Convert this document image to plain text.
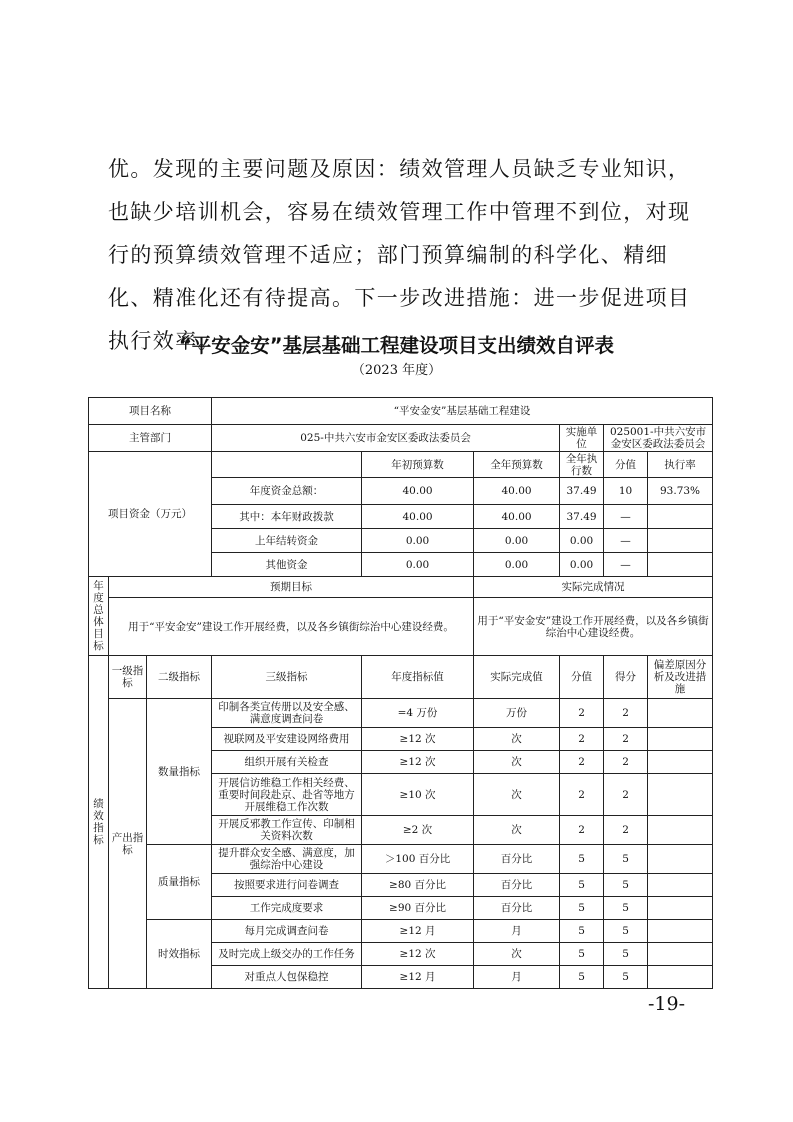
优。发现的主要问题及原因：绩效管理人员缺乏专业知识，也缺少培训机会，容易在绩效管理工作中管理不到位，对现行的预算绩效管理不适应；部门预算编制的科学化、精细化、精准化还有待提高。下一步改进措施：进一步促进项目执行效率。

“平安金安”基层基础工程建设项目支出绩效自评表

（2023 年度）

项目名称			“平安金安”基层基础工程建设						
主管部门			025-中共六安市金安区委政法委员会			实施单位	025001-中共六安市金安区委政法委员会		
项目资金（万元）				年初预算数	全年预算数	全年执行数	分值	执行率	
			年度资金总额：	40.00	40.00	37.49	10	93.73%	
			其中：本年财政拨款	40.00	40.00	37.49	—		
			上年结转资金	0.00	0.00	0.00	—		
			其他资金	0.00	0.00	0.00	—		

年度总体目标	预期目标				实际完成情况				
	用于“平安金安”建设工作开展经费，以及各乡镇街综治中心建设经费。				用于“平安金安”建设工作开展经费，以及各乡镇街综治中心建设经费。				

绩效指标	一级指标	二级指标	三级指标	年度指标值	实际完成值	分值	得分	偏差原因分析及改进措施	
	产出指标	数量指标	印制各类宣传册以及安全感、满意度调查问卷	=4 万份	万份	2	2		
			视联网及平安建设网络费用	≥12 次	次	2	2		
			组织开展有关检查	≥12 次	次	2	2		
			开展信访维稳工作相关经费、重要时间段赴京、赴省等地方开展维稳工作次数	≥10 次	次	2	2		
			开展反邪教工作宣传、印制相关资料次数	≥2 次	次	2	2		
		质量指标	提升群众安全感、满意度，加强综治中心建设	＞100 百分比	百分比	5	5		
			按照要求进行问卷调查	≥80 百分比	百分比	5	5		
			工作完成度要求	≥90 百分比	百分比	5	5		
		时效指标	每月完成调查问卷	≥12 月	月	5	5		
			及时完成上级交办的工作任务	≥12 次	次	5	5		
			对重点人包保稳控	≥12 月	月	5	5		

-19-
